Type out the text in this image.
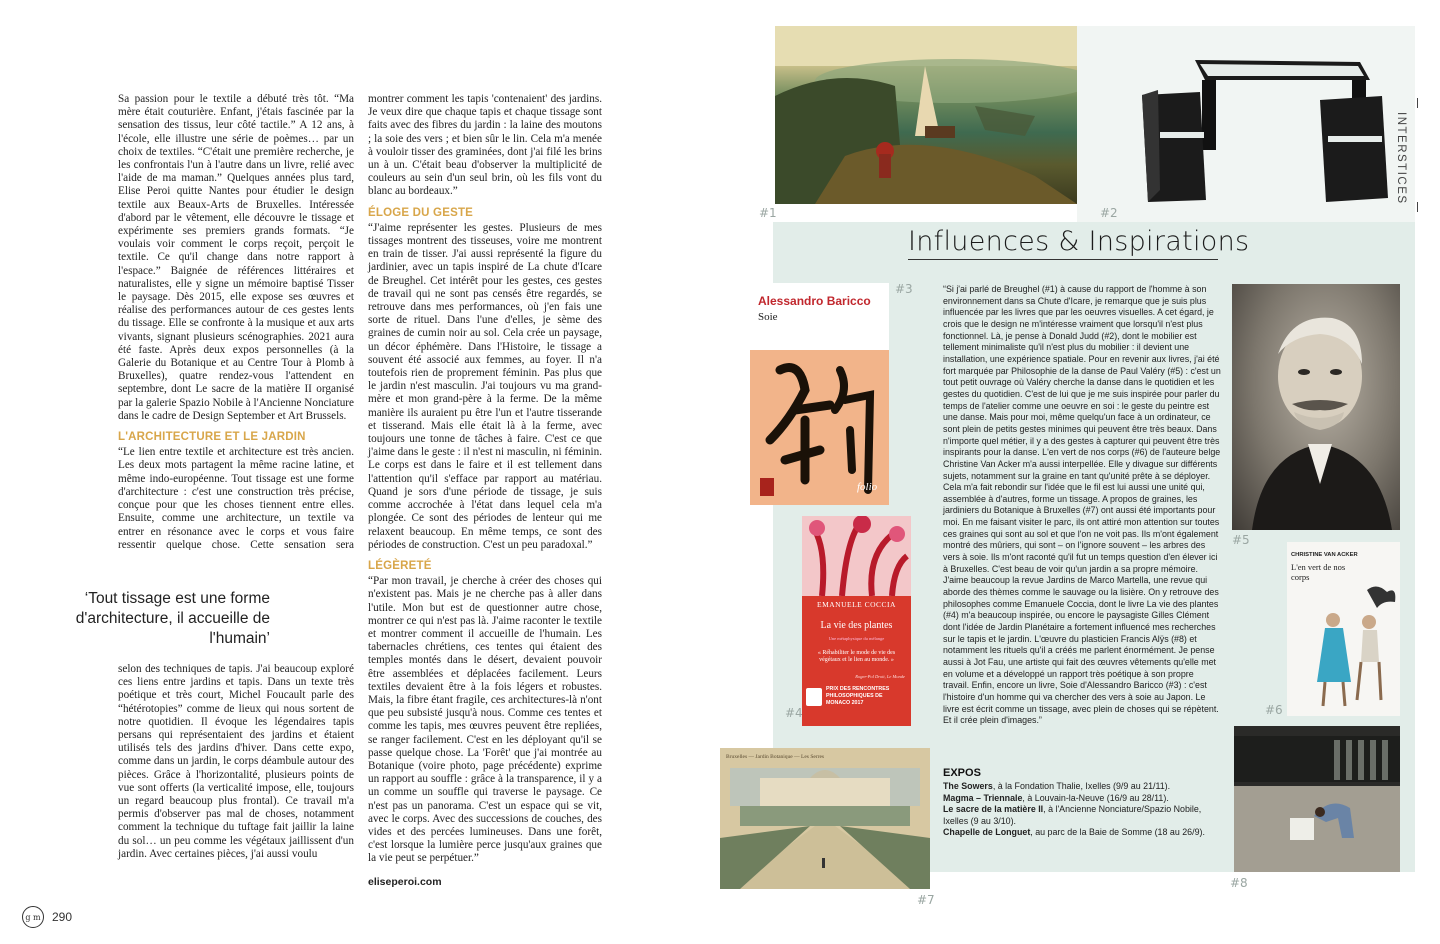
Sa passion pour le textile a débuté très tôt. “Ma mère était couturière. Enfant, j'étais fascinée par la sensation des tissus, leur côté tactile.” A 12 ans, à l'école, elle illustre une série de poèmes… par un choix de textiles. “C'était une première recherche, je les confrontais l'un à l'autre dans un livre, relié avec l'aide de ma maman.” Quelques années plus tard, Elise Peroi quitte Nantes pour étudier le design textile aux Beaux-Arts de Bruxelles. Intéressée d'abord par le vêtement, elle découvre le tissage et expérimente ses premiers grands formats. “Je voulais voir comment le corps reçoit, perçoit le textile. Ce qu'il change dans notre rapport à l'espace.” Baignée de références littéraires et naturalistes, elle y signe un mémoire baptisé Tisser le paysage. Dès 2015, elle expose ses œuvres et réalise des performances autour de ces gestes lents du tissage. Elle se confronte à la musique et aux arts vivants, signant plusieurs scénographies. 2021 aura été faste. Après deux expos personnelles (à la Galerie du Botanique et au Centre Tour à Plomb à Bruxelles), quatre rendez-vous l'attendent en septembre, dont Le sacre de la matière II organisé par la galerie Spazio Nobile à l'Ancienne Nonciature dans le cadre de Design September et Art Brussels.

L'ARCHITECTURE ET LE JARDIN

“Le lien entre textile et architecture est très ancien. Les deux mots partagent la même racine latine, et même indo-européenne. Tout tissage est une forme d'architecture : c'est une construction très précise, conçue pour que les choses tiennent entre elles. Ensuite, comme une architecture, un textile va entrer en résonance avec le corps et vous faire ressentir quelque chose. Cette sensation sera

selon des techniques de tapis. J'ai beaucoup exploré ces liens entre jardins et tapis. Dans un texte très poétique et très court, Michel Foucault parle des “hétérotopies” comme de lieux qui nous sortent de notre quotidien. Il évoque les légendaires tapis persans qui représentaient des jardins et étaient utilisés tels des jardins d'hiver. Dans cette expo, comme dans un jardin, le corps déambule autour des pièces. Grâce à l'horizontalité, plusieurs points de vue sont offerts (la verticalité impose, elle, toujours un regard beaucoup plus frontal). Ce travail m'a permis d'observer pas mal de choses, notamment comment la technique du tuftage fait jaillir la laine du sol… un peu comme les végétaux jaillissent d'un jardin. Avec certaines pièces, j'ai aussi voulu

‘Tout tissage est une forme d'architecture, il accueille de l'humain’

montrer comment les tapis 'contenaient' des jardins. Je veux dire que chaque tapis et chaque tissage sont faits avec des fibres du jardin : la laine des moutons ; la soie des vers ; et bien sûr le lin. Cela m'a menée à vouloir tisser des graminées, dont j'ai filé les brins un à un. C'était beau d'observer la multiplicité de couleurs au sein d'un seul brin, où les fils vont du blanc au bordeaux.”

ÉLOGE DU GESTE

“J'aime représenter les gestes. Plusieurs de mes tissages montrent des tisseuses, voire me montrent en train de tisser. J'ai aussi représenté la figure du jardinier, avec un tapis inspiré de La chute d'Icare de Breughel. Cet intérêt pour les gestes, ces gestes de travail qui ne sont pas censés être regardés, se retrouve dans mes performances, où j'en fais une sorte de rituel. Dans l'une d'elles, je sème des graines de cumin noir au sol. Cela crée un paysage, un décor éphémère. Dans l'Histoire, le tissage a souvent été associé aux femmes, au foyer. Il n'a toutefois rien de proprement féminin. Pas plus que le jardin n'est masculin. J'ai toujours vu ma grand-mère et mon grand-père à la ferme. De la même manière ils auraient pu être l'un et l'autre tisserande et tisserand. Mais elle était là à la ferme, avec toujours une tonne de tâches à faire. C'est ce que j'aime dans le geste : il n'est ni masculin, ni féminin. Le corps est dans le faire et il est tellement dans l'attention qu'il s'efface par rapport au matériau. Quand je sors d'une période de tissage, je suis comme accrochée à l'état dans lequel cela m'a plongée. Ce sont des périodes de lenteur qui me relaxent beaucoup. En même temps, ce sont des périodes de construction. C'est un peu paradoxal.”

LÉGÈRETÉ

“Par mon travail, je cherche à créer des choses qui n'existent pas. Mais je ne cherche pas à aller dans l'utile. Mon but est de questionner autre chose, montrer ce qui n'est pas là. J'aime raconter le textile et montrer comment il accueille de l'humain. Les tabernacles chrétiens, ces tentes qui étaient des temples montés dans le désert, devaient pouvoir être assemblées et déplacées facilement. Leurs textiles devaient être à la fois légers et robustes. Mais, la fibre étant fragile, ces architectures-là n'ont que peu subsisté jusqu'à nous. Comme ces tentes et comme les tapis, mes œuvres peuvent être repliées, se ranger facilement. C'est en les déployant qu'il se passe quelque chose. La 'Forêt' que j'ai montrée au Botanique (voire photo, page précédente) exprime un rapport au souffle : grâce à la transparence, il y a un comme un souffle qui traverse le paysage. Ce n'est pas un panorama. C'est un espace qui se vit, avec le corps. Avec des successions de couches, des vides et des percées lumineuses. Dans une forêt, c'est lorsque la lumière perce jusqu'aux graines que la vie peut se perpétuer.”

eliseperoi.com

g m 290
#1	#2
INTERSTICES
Influences & Inspirations
#3
Alessandro Baricco
Soie
folio
EMANUELE COCCIA
La vie des plantes
Une métaphysique du mélange
« Réhabiliter le mode de vie des végétaux et le lien au monde. »
Roger-Pol Droit, Le Monde
PRIX DES RENCONTRES PHILOSOPHIQUES DE MONACO 2017
#4

“Si j'ai parlé de Breughel (#1) à cause du rapport de l'homme à son environnement dans sa Chute d'Icare, je remarque que je suis plus influencée par les livres que par les oeuvres visuelles. A cet égard, je crois que le design ne m'intéresse vraiment que lorsqu'il n'est plus fonctionnel. Là, je pense à Donald Judd (#2), dont le mobilier est tellement minimaliste qu'il n'est plus du mobilier : il devient une installation, une expérience spatiale. Pour en revenir aux livres, j'ai été fort marquée par Philosophie de la danse de Paul Valéry (#5) : c'est un tout petit ouvrage où Valéry cherche la danse dans le quotidien et les gestes du quotidien. C'est de lui que je me suis inspirée pour parler du temps de l'atelier comme une oeuvre en soi : le geste du peintre est une danse. Mais pour moi, même quelqu'un face à un ordinateur, ce sont plein de petits gestes minimes qui peuvent être très beaux. Dans n'importe quel métier, il y a des gestes à capturer qui peuvent être très inspirants pour la danse. L'en vert de nos corps (#6) de l'auteure belge Christine Van Acker m'a aussi interpellée. Elle y divague sur différents sujets, notamment sur la graine en tant qu'unité prête à se déployer. Cela m'a fait rebondir sur l'idée que le fil est lui aussi une unité qui, assemblée à d'autres, forme un tissage. A propos de graines, les jardiniers du Botanique à Bruxelles (#7) ont aussi été importants pour moi. En me faisant visiter le parc, ils ont attiré mon attention sur toutes ces graines qui sont au sol et que l'on ne voit pas. Ils m'ont également montré des mûriers, qui sont – on l'ignore souvent – les arbres des vers à soie. Ils m'ont raconté qu'il fut un temps question d'en élever ici à Bruxelles. C'est beau de voir qu'un jardin a sa propre mémoire. J'aime beaucoup la revue Jardins de Marco Martella, une revue qui aborde des thèmes comme le sauvage ou la lisière. On y retrouve des philosophes comme Emanuele Coccia, dont le livre La vie des plantes (#4) m'a beaucoup inspirée, ou encore le paysagiste Gilles Clément dont l'idée de Jardin Planétaire a fortement influencé mes recherches sur le tapis et le jardin. L'œuvre du plasticien Francis Alÿs (#8) et notamment les rituels qu'il a créés me parlent énormément. Je pense aussi à Jot Fau, une artiste qui fait des œuvres vêtements qu'elle met en volume et a développé un rapport très poétique à son propre travail. Enfin, encore un livre, Soie d'Alessandro Baricco (#3) : c'est l'histoire d'un homme qui va chercher des vers à soie au Japon. Le livre est écrit comme un tissage, avec plein de choses qui se répètent. Et il crée plein d'images.”

EXPOS

The Sowers, à la Fondation Thalie, Ixelles (9/9 au 21/11).

Magma – Triennale, à Louvain-la-Neuve (16/9 au 28/11).

Le sacre de la matière II, à l'Ancienne Nonciature/Spazio Nobile, Ixelles (9 au 3/10).

Chapelle de Longuet, au parc de la Baie de Somme (18 au 26/9).

#5
CHRISTINE VAN ACKER
L'en vert de nos corps
#6
Bruxelles — Jardin Botanique — Les Serres
#7
#8
